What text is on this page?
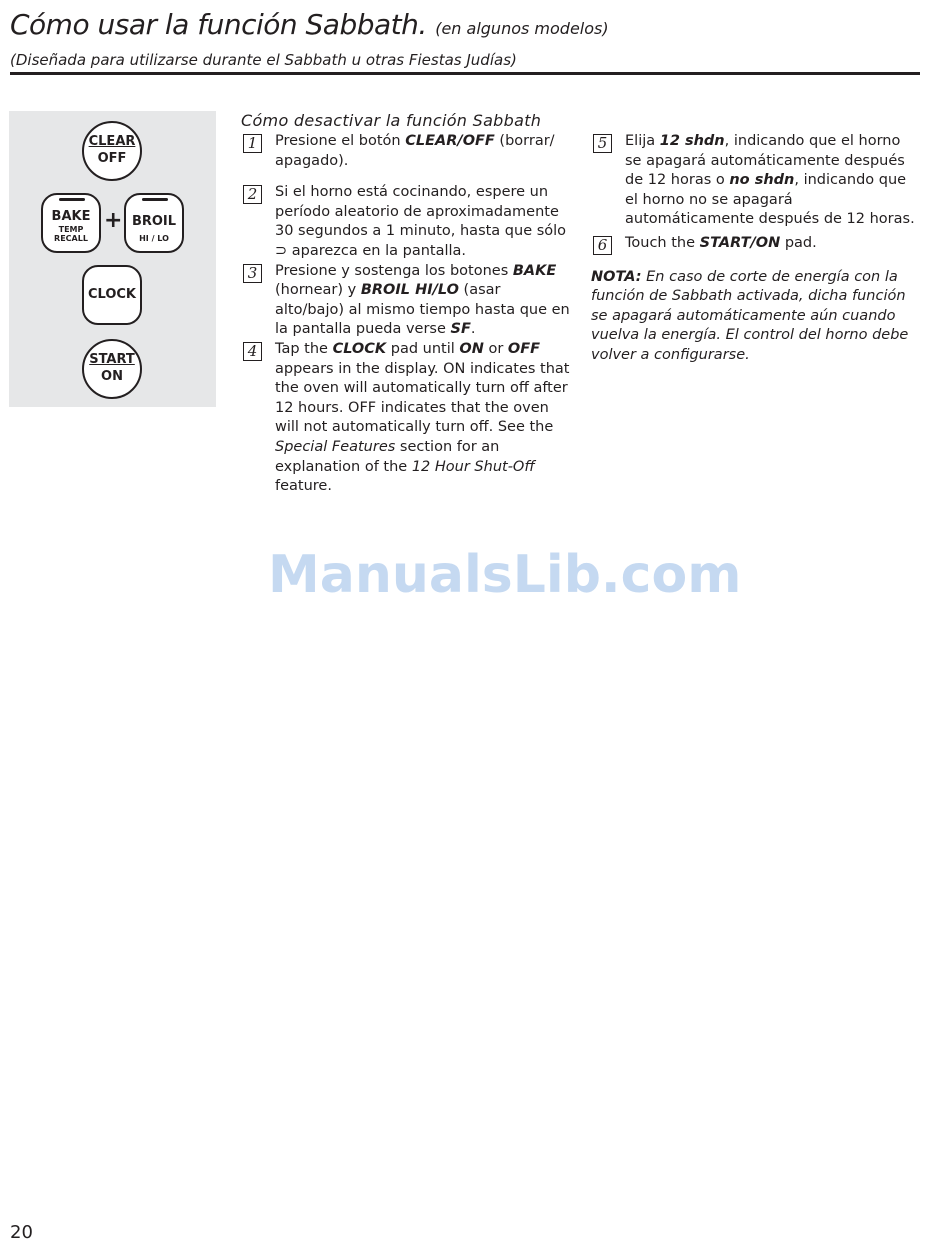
Cómo usar la función Sabbath. (en algunos modelos)
(Diseñada para utilizarse durante el Sabbath u otras Fiestas Judías)
CLEAR
OFF
BAKE
TEMP
RECALL
+ BROIL
HI / LO
CLOCK
START
ON
Cómo desactivar la función Sabbath
1	Presione el botón CLEAR/OFF (borrar/ apagado).
2	Si el horno está cocinando, espere un período aleatorio de aproximadamente 30 segundos a 1 minuto, hasta que sólo ⊃ aparezca en la pantalla.
3	Presione y sostenga los botones BAKE (hornear) y BROIL HI/LO (asar alto/bajo) al mismo tiempo hasta que en la pantalla pueda verse SF.
4	Tap the CLOCK pad until ON or OFF appears in the display. ON indicates that the oven will automatically turn off after 12 hours. OFF indicates that the oven will not automatically turn off. See the Special Features section for an explanation of the 12 Hour Shut-Off feature.
5	Elija 12 shdn, indicando que el horno se apagará automáticamente después de 12 horas o no shdn, indicando que el horno no se apagará automáticamente después de 12 horas.
6	Touch the START/ON pad.
NOTA: En caso de corte de energía con la función de Sabbath activada, dicha función se apagará automáticamente aún cuando vuelva la energía. El control del horno debe volver a configurarse.
ManualsLib.com
20
